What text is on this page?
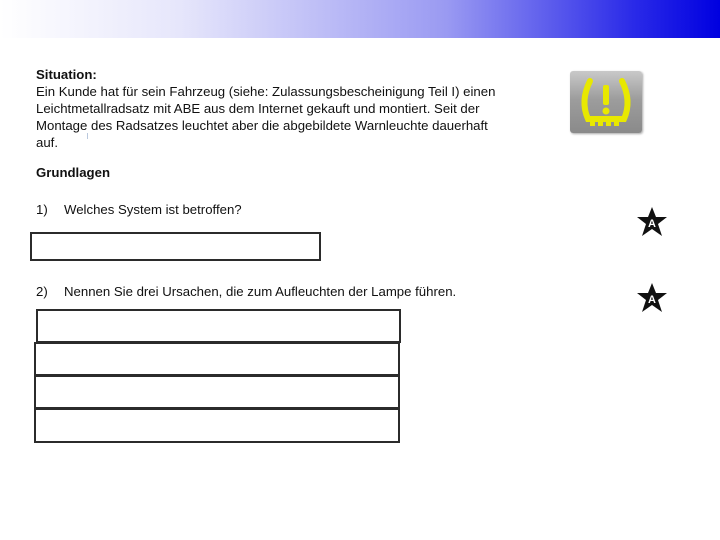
Situation:
Ein Kunde hat für sein Fahrzeug (siehe: Zulassungsbescheinigung Teil I) einen
Leichtmetallradsatz mit ABE aus dem Internet gekauft und montiert. Seit der
Montage des Radsatzes leuchtet aber die abgebildete Warnleuchte dauerhaft
auf.	ı
Grundlagen
1) Welches System ist betroffen?
A
2) Nennen Sie drei Ursachen, die zum Aufleuchten der Lampe führen.
A
